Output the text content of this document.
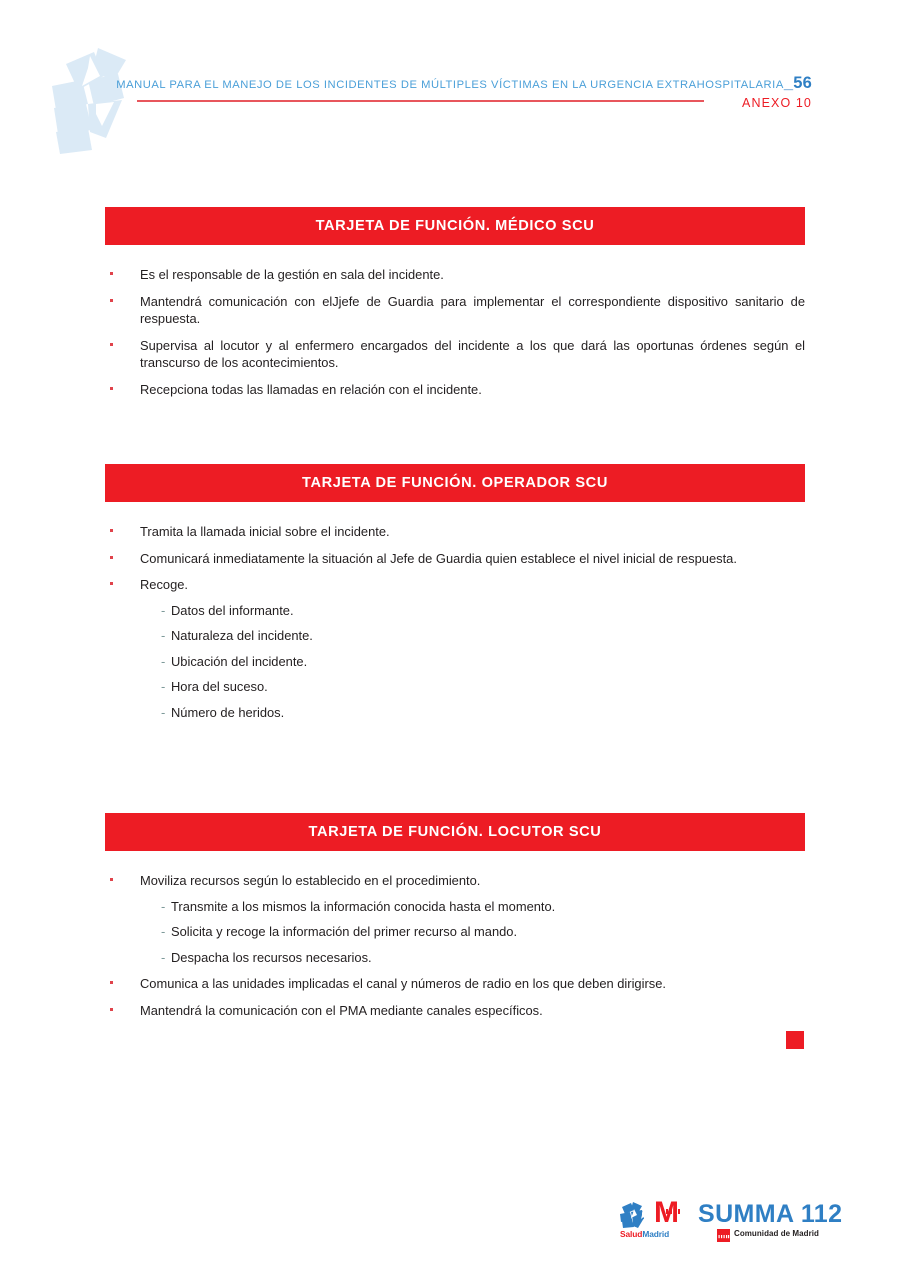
MANUAL PARA EL MANEJO DE LOS INCIDENTES DE MÚLTIPLES VÍCTIMAS EN LA URGENCIA EXTRAHOSPITALARIA_56
ANEXO 10
TARJETA DE FUNCIÓN. MÉDICO SCU
Es el responsable de la gestión en sala del incidente.
Mantendrá comunicación con elJjefe de Guardia para implementar el correspondiente dispositivo sanitario de respuesta.
Supervisa al locutor y al enfermero encargados del incidente a los que dará las oportunas órdenes según el transcurso de los acontecimientos.
Recepciona todas las llamadas en relación con el incidente.
TARJETA DE FUNCIÓN. OPERADOR SCU
Tramita la llamada inicial sobre el incidente.
Comunicará inmediatamente la situación al Jefe de Guardia quien establece el nivel inicial de respuesta.
Recoge.
- Datos del informante.
- Naturaleza del incidente.
- Ubicación del incidente.
- Hora del suceso.
- Número de heridos.
TARJETA DE FUNCIÓN. LOCUTOR SCU
Moviliza recursos según lo establecido en el procedimiento.
- Transmite a los mismos la información conocida hasta el momento.
- Solicita y recoge la información del primer recurso al mando.
- Despacha los recursos necesarios.
Comunica a las unidades implicadas el canal y números de radio en los que deben dirigirse.
Mantendrá la comunicación con el PMA mediante canales específicos.
M
SaludMadrid
SUMMA 112
Comunidad de Madrid
